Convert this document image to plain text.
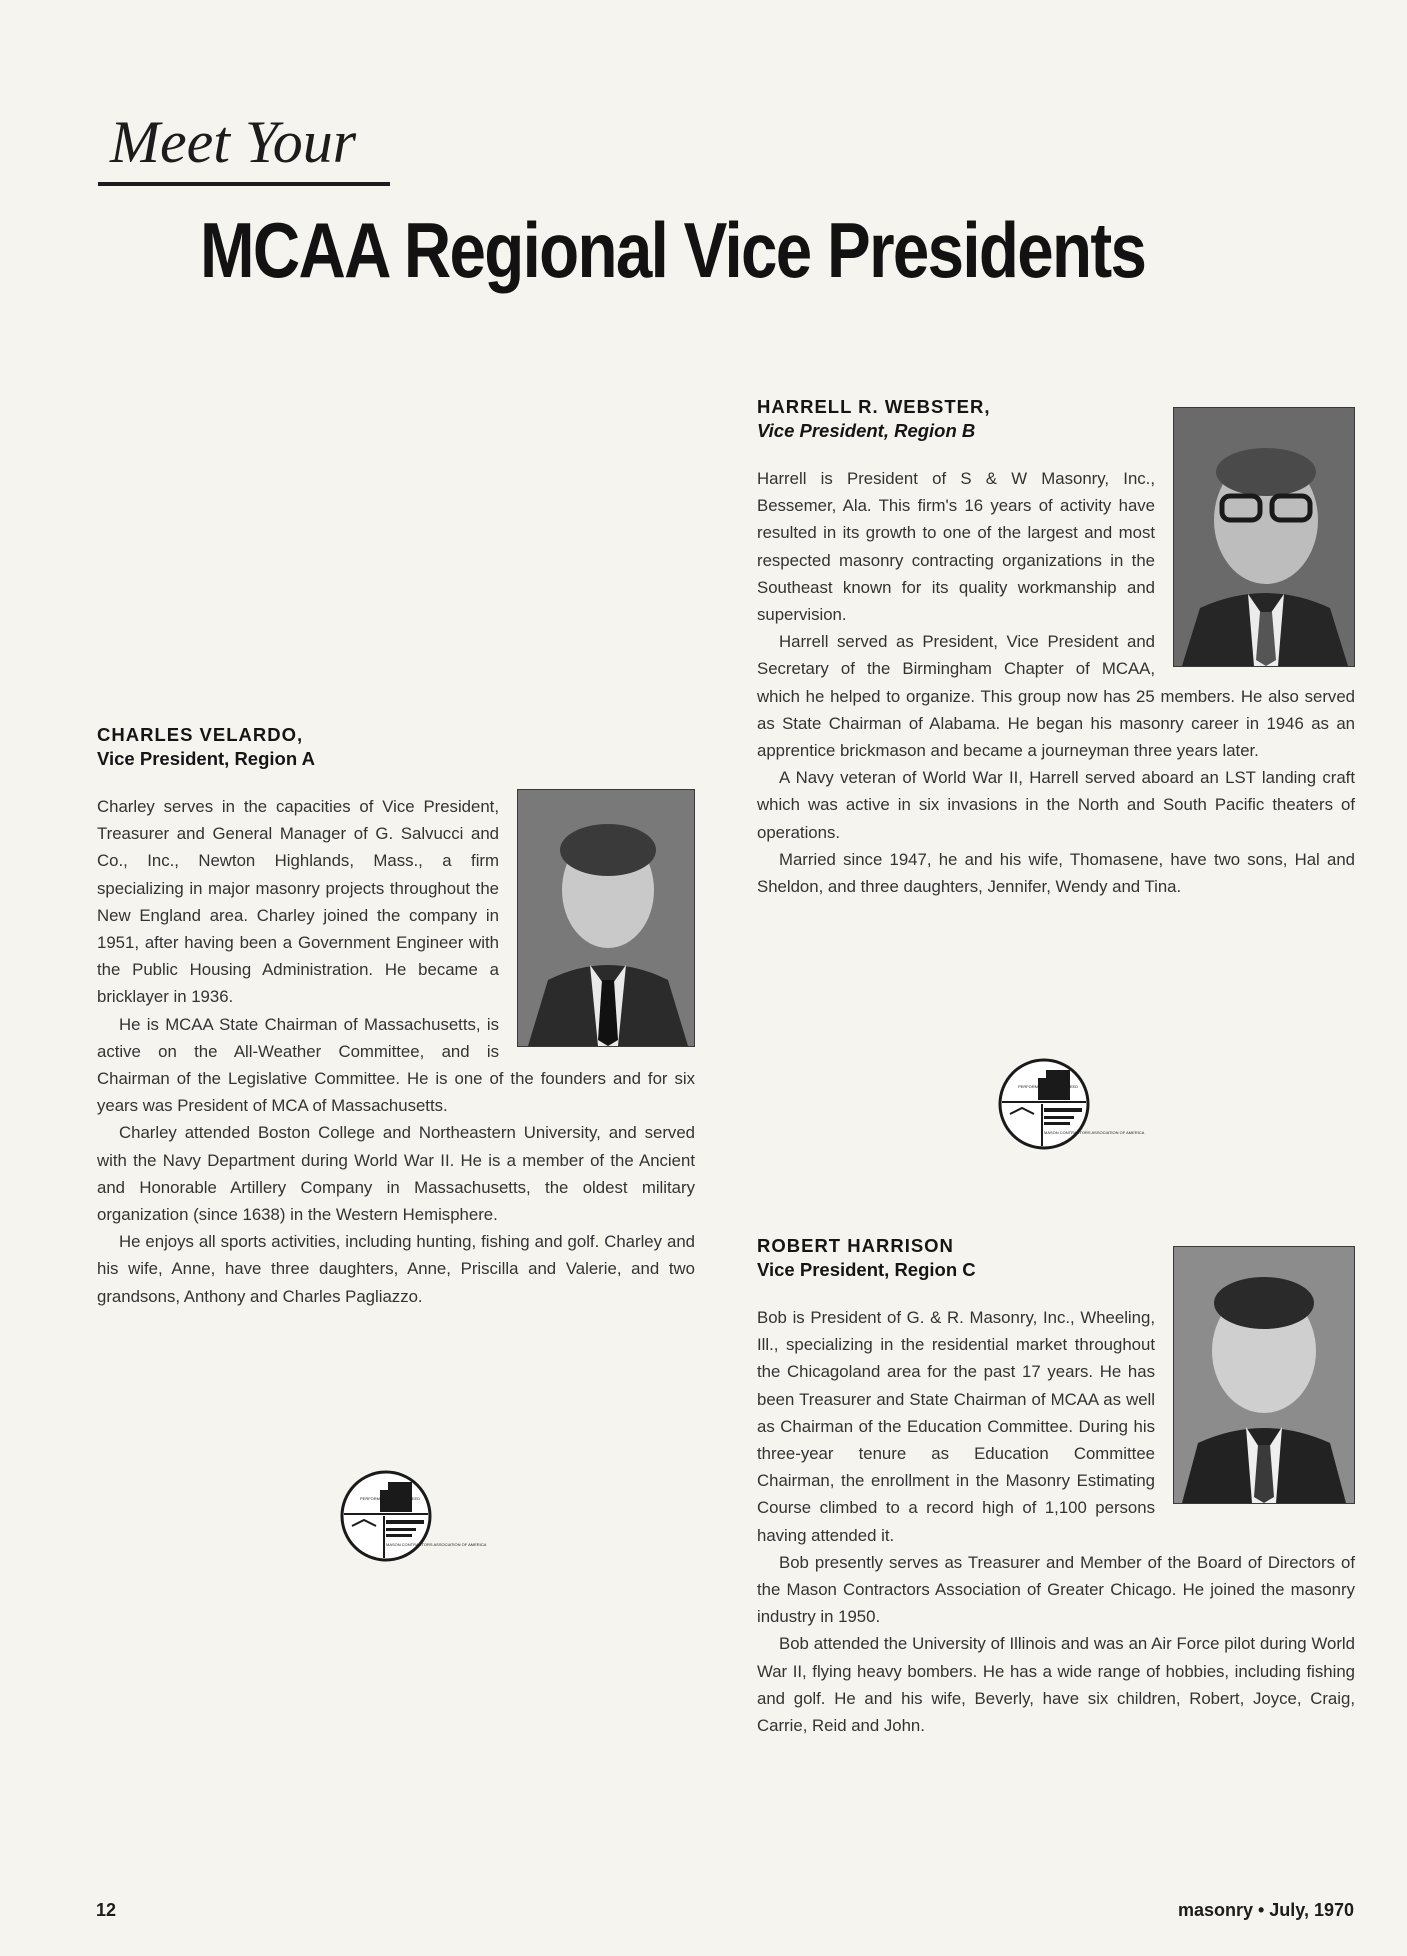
Meet Your
MCAA Regional Vice Presidents
CHARLES VELARDO,
Vice President, Region A

Charley serves in the capacities of Vice President, Treasurer and General Manager of G. Salvucci and Co., Inc., Newton Highlands, Mass., a firm specializing in major masonry projects throughout the New England area. Charley joined the company in 1951, after having been a Government Engineer with the Public Housing Administration. He became a bricklayer in 1936.

He is MCAA State Chairman of Massachusetts, is active on the All-Weather Committee, and is Chairman of the Legislative Committee. He is one of the founders and for six years was President of MCA of Massachusetts.

Charley attended Boston College and Northeastern University, and served with the Navy Department during World War II. He is a member of the Ancient and Honorable Artillery Company in Massachusetts, the oldest military organization (since 1638) in the Western Hemisphere.

He enjoys all sports activities, including hunting, fishing and golf. Charley and his wife, Anne, have three daughters, Anne, Priscilla and Valerie, and two grandsons, Anthony and Charles Pagliazzo.

HARRELL R. WEBSTER,
Vice President, Region B

Harrell is President of S & W Masonry, Inc., Bessemer, Ala. This firm's 16 years of activity have resulted in its growth to one of the largest and most respected masonry contracting organizations in the Southeast known for its quality workmanship and supervision.

Harrell served as President, Vice President and Secretary of the Birmingham Chapter of MCAA, which he helped to organize. This group now has 25 members. He also served as State Chairman of Alabama. He began his masonry career in 1946 as an apprentice brickmason and became a journeyman three years later.

A Navy veteran of World War II, Harrell served aboard an LST landing craft which was active in six invasions in the North and South Pacific theaters of operations.

Married since 1947, he and his wife, Thomasene, have two sons, Hal and Sheldon, and three daughters, Jennifer, Wendy and Tina.

ROBERT HARRISON
Vice President, Region C

Bob is President of G. & R. Masonry, Inc., Wheeling, Ill., specializing in the residential market throughout the Chicagoland area for the past 17 years. He has been Treasurer and State Chairman of MCAA as well as Chairman of the Education Committee. During his three-year tenure as Education Committee Chairman, the enrollment in the Masonry Estimating Course climbed to a record high of 1,100 persons having attended it.

Bob presently serves as Treasurer and Member of the Board of Directors of the Mason Contractors Association of Greater Chicago. He joined the masonry industry in 1950.

Bob attended the University of Illinois and was an Air Force pilot during World War II, flying heavy bombers. He has a wide range of hobbies, including fishing and golf. He and his wife, Beverly, have six children, Robert, Joyce, Craig, Carrie, Reid and John.

PERFORMANCE GUARANTEED
MASON CONTRACTORS ASSOCIATION OF AMERICA
PERFORMANCE GUARANTEED
MASON CONTRACTORS ASSOCIATION OF AMERICA
12	masonry • July, 1970
